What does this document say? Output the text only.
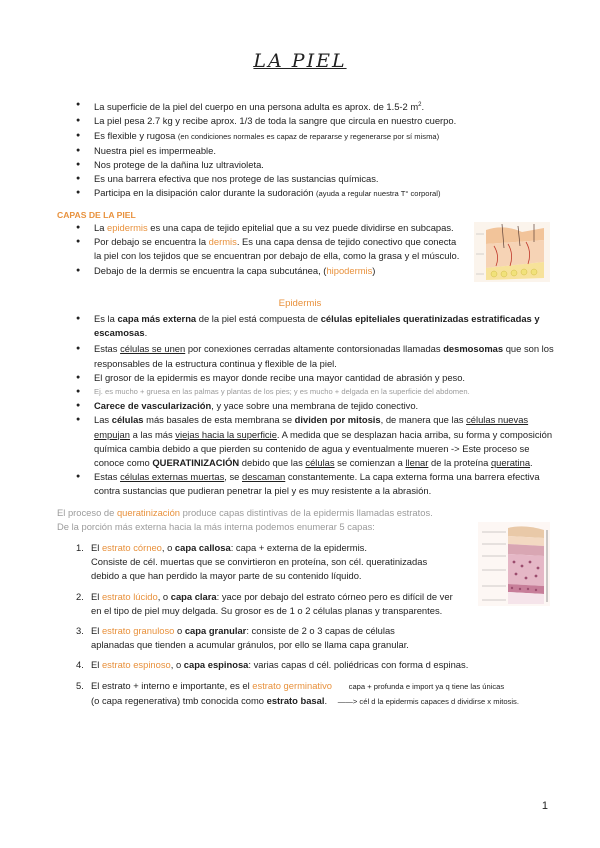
LA PIEL
● La superficie de la piel del cuerpo en una persona adulta es aprox. de 1.5-2 $m^2$.
● La piel pesa 2.7 kg y recibe aprox. 1/3 de toda la sangre que circula en nuestro cuerpo.
● Es flexible y rugosa (en condiciones normales es capaz de repararse y regenerarse por sí misma)
● Nuestra piel es impermeable.
● Nos protege de la dañina luz ultravioleta.
● Es una barrera efectiva que nos protege de las sustancias químicas.
● Participa en la disipación calor durante la sudoración (ayuda a regular nuestra T° corporal)
CAPAS DE LA PIEL
● La epidermis es una capa de tejido epitelial que a su vez puede dividirse en subcapas.
● Por debajo se encuentra la dermis. Es una capa densa de tejido conectivo que conecta la piel con los tejidos que se encuentran por debajo de ella, como la grasa y el músculo.
● Debajo de la dermis se encuentra la capa subcutánea, (hipodermis)
Epidermis
● Es la capa más externa de la piel está compuesta de células epiteliales queratinizadas estratificadas y escamosas.
● Estas células se unen por conexiones cerradas altamente contorsionadas llamadas desmosomas que son los responsables de la estructura continua y flexible de la piel.
● El grosor de la epidermis es mayor donde recibe una mayor cantidad de abrasión y peso.
● Ej. es mucho + gruesa en las palmas y plantas de los pies; y es mucho + delgada en la superficie del abdomen.
● Carece de vascularización, y yace sobre una membrana de tejido conectivo.
● Las células más basales de esta membrana se dividen por mitosis, de manera que las células nuevas empujan a las más viejas hacia la superficie. A medida que se desplazan hacia arriba, su forma y composición química cambia debido a que pierden su contenido de agua y eventualmente mueren -> Este proceso se conoce como QUERATINIZACIÓN debido que las células se comienzan a llenar de la proteína queratina.
● Estas células externas muertas, se descaman constantemente. La capa externa forma una barrera efectiva contra sustancias que pudieran penetrar la piel y es muy resistente a la abrasión.
El proceso de queratinización produce capas distintivas de la epidermis llamadas estratos.
De la porción más externa hacia la más interna podemos enumerar 5 capas:
1. El estrato córneo, o capa callosa: capa + externa de la epidermis.
Consiste de cél. muertas que se convirtieron en proteína, son cél. queratinizadas
debido a que han perdido la mayor parte de su contenido líquido.
2. El estrato lúcido, o capa clara: yace por debajo del estrato córneo pero es difícil de ver
en el tipo de piel muy delgada. Su grosor es de 1 o 2 células planas y transparentes.
3. El estrato granuloso o capa granular: consiste de 2 o 3 capas de células
aplanadas que tienden a acumular gránulos, por ello se llama capa granular.
4. El estrato espinoso, o capa espinosa: varias capas d cél. poliédricas con forma d espinas.
5. El estrato + interno e importante, es el estrato germinativo capa + profunda e import ya q tiene las únicas
(o capa regenerativa) tmb conocida como estrato basal. ——> cél d la epidermis capaces d dividirse x mitosis.
1
